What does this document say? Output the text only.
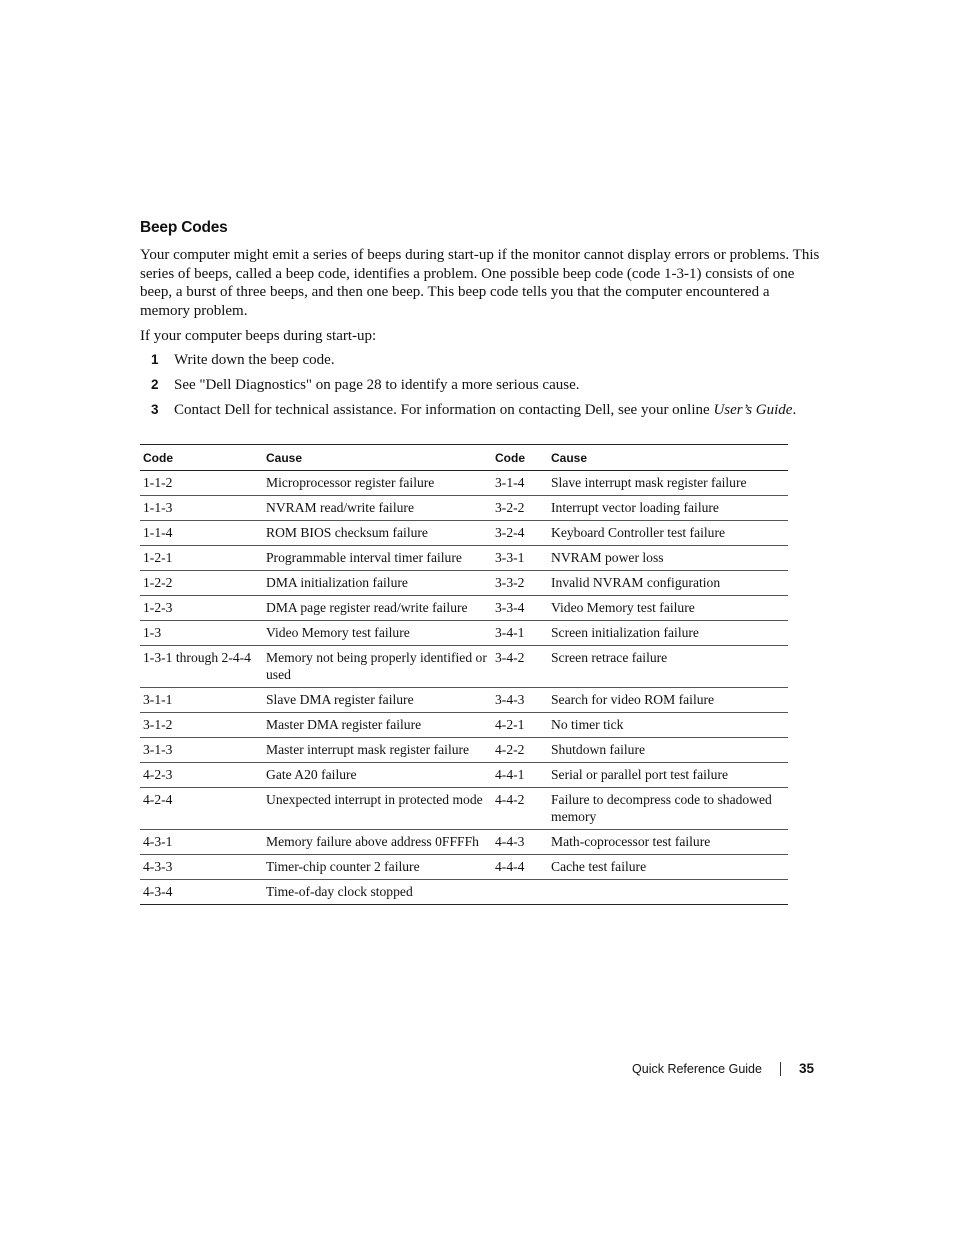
Beep Codes

Your computer might emit a series of beeps during start-up if the monitor cannot display errors or problems. This series of beeps, called a beep code, identifies a problem. One possible beep code (code 1-3-1) consists of one beep, a burst of three beeps, and then one beep. This beep code tells you that the computer encountered a memory problem.

If your computer beeps during start-up:

1	Write down the beep code.
2	See "Dell Diagnostics" on page 28 to identify a more serious cause.
3	Contact Dell for technical assistance. For information on contacting Dell, see your online User’s Guide.
Code	Cause	Code	Cause
1-1-2	Microprocessor register failure	3-1-4	Slave interrupt mask register failure
1-1-3	NVRAM read/write failure	3-2-2	Interrupt vector loading failure
1-1-4	ROM BIOS checksum failure	3-2-4	Keyboard Controller test failure
1-2-1	Programmable interval timer failure	3-3-1	NVRAM power loss
1-2-2	DMA initialization failure	3-3-2	Invalid NVRAM configuration
1-2-3	DMA page register read/write failure	3-3-4	Video Memory test failure
1-3	Video Memory test failure	3-4-1	Screen initialization failure
1-3-1 through 2-4-4	Memory not being properly identified or used	3-4-2	Screen retrace failure
3-1-1	Slave DMA register failure	3-4-3	Search for video ROM failure
3-1-2	Master DMA register failure	4-2-1	No timer tick
3-1-3	Master interrupt mask register failure	4-2-2	Shutdown failure
4-2-3	Gate A20 failure	4-4-1	Serial or parallel port test failure
4-2-4	Unexpected interrupt in protected mode	4-4-2	Failure to decompress code to shadowed memory
4-3-1	Memory failure above address 0FFFFh	4-4-3	Math-coprocessor test failure
4-3-3	Timer-chip counter 2 failure	4-4-4	Cache test failure
4-3-4	Time-of-day clock stopped		
Quick Reference Guide	35
